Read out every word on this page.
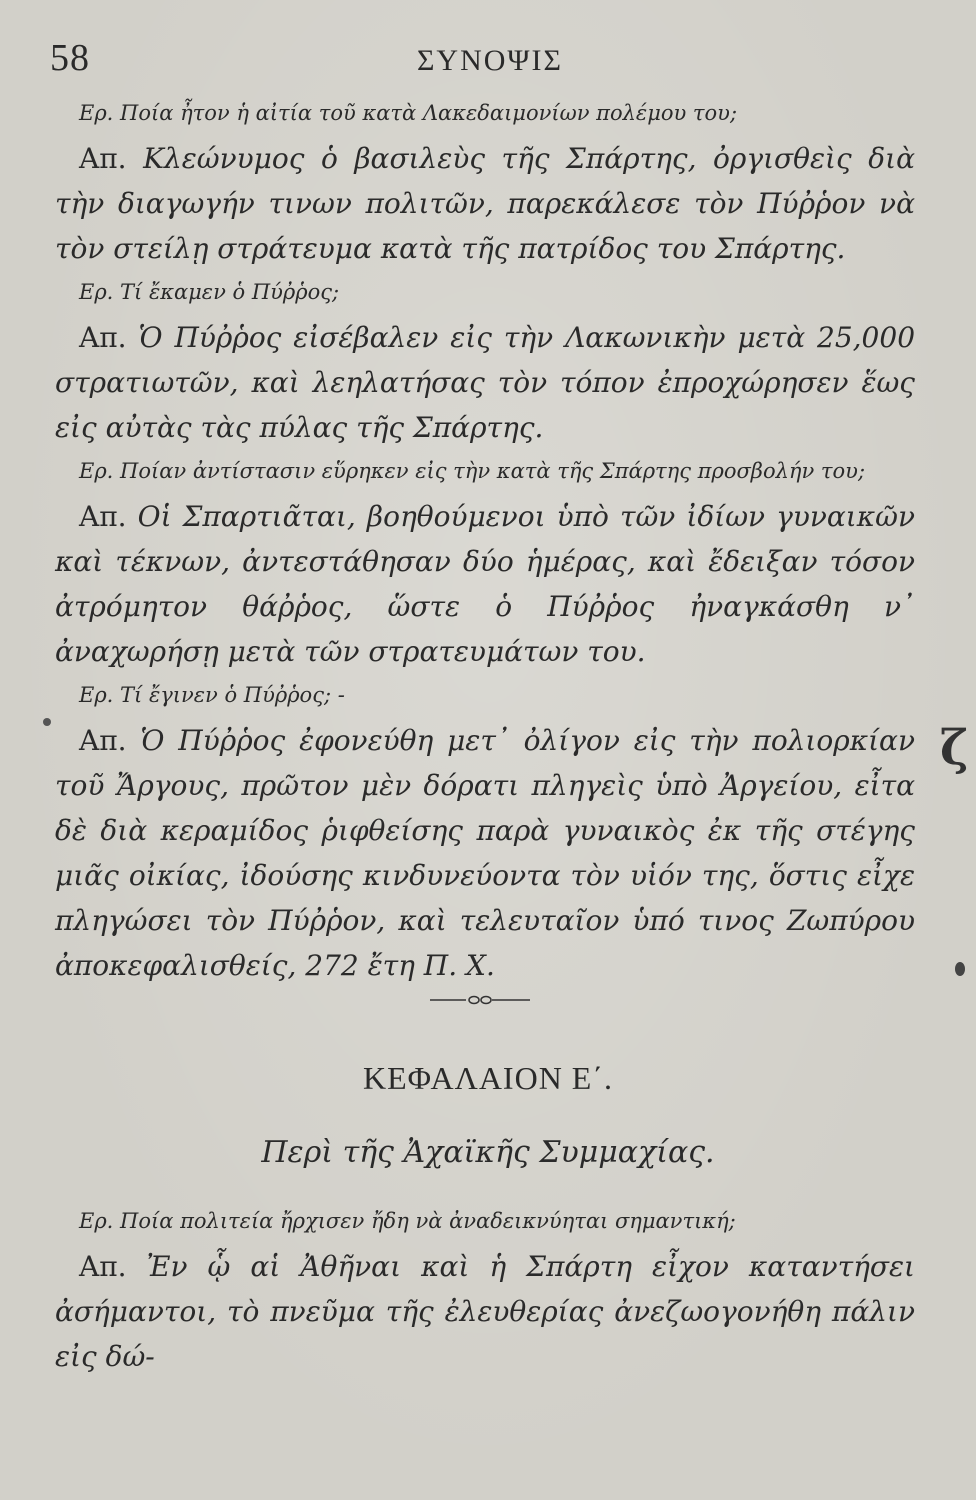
58	ΣΥΝΟΨΙΣ
Ερ. Ποία ἦτον ἡ αἰτία τοῦ κατὰ Λακεδαιμονίων πολέμου του;
Απ. Κλεώνυμος ὁ βασιλεὺς τῆς Σπάρτης, ὀργισθεὶς διὰ τὴν διαγωγήν τινων πολιτῶν, παρεκάλεσε τὸν Πύῤῥον νὰ τὸν στείλῃ στράτευμα κατὰ τῆς πατρίδος του Σπάρτης.
Ερ. Τί ἔκαμεν ὁ Πύῤῥος;
Απ. Ὁ Πύῤῥος εἰσέβαλεν εἰς τὴν Λακωνικὴν μετὰ 25,000 στρατιωτῶν, καὶ λεηλατήσας τὸν τόπον ἐπροχώρησεν ἕως εἰς αὐτὰς τὰς πύλας τῆς Σπάρτης.
Ερ. Ποίαν ἀντίστασιν εὕρηκεν εἰς τὴν κατὰ τῆς Σπάρτης προσβολήν του;
Απ. Οἱ Σπαρτιᾶται, βοηθούμενοι ὑπὸ τῶν ἰδίων γυναικῶν καὶ τέκνων, ἀντεστάθησαν δύο ἡμέρας, καὶ ἔδειξαν τόσον ἀτρόμητον θάῤῥος, ὥστε ὁ Πύῤῥος ἠναγκάσθη ν᾽ ἀναχωρήσῃ μετὰ τῶν στρατευμάτων του.
Ερ. Τί ἔγινεν ὁ Πύῤῥος; -
Απ. Ὁ Πύῤῥος ἐφονεύθη μετ᾽ ὀλίγον εἰς τὴν πολιορκίαν τοῦ Ἄργους, πρῶτον μὲν δόρατι πληγεὶς ὑπὸ Ἀργείου, εἶτα δὲ διὰ κεραμίδος ῥιφθείσης παρὰ γυναικὸς ἐκ τῆς στέγης μιᾶς οἰκίας, ἰδούσης κινδυνεύοντα τὸν υἱόν της, ὅστις εἶχε πληγώσει τὸν Πύῤῥον, καὶ τελευταῖον ὑπό τινος Ζωπύρου ἀποκεφαλισθείς, 272 ἔτη Π. Χ.
ΚΕΦΑΛΑΙΟΝ Ε΄.
Περὶ τῆς Ἀχαϊκῆς Συμμαχίας.
Ερ. Ποία πολιτεία ἤρχισεν ἤδη νὰ ἀναδεικνύηται σημαντική;
Απ. Ἐν ᾧ αἱ Ἀθῆναι καὶ ἡ Σπάρτη εἶχον καταντήσει ἀσήμαντοι, τὸ πνεῦμα τῆς ἐλευθερίας ἀνεζωογονήθη πάλιν εἰς δώ-
ζ
